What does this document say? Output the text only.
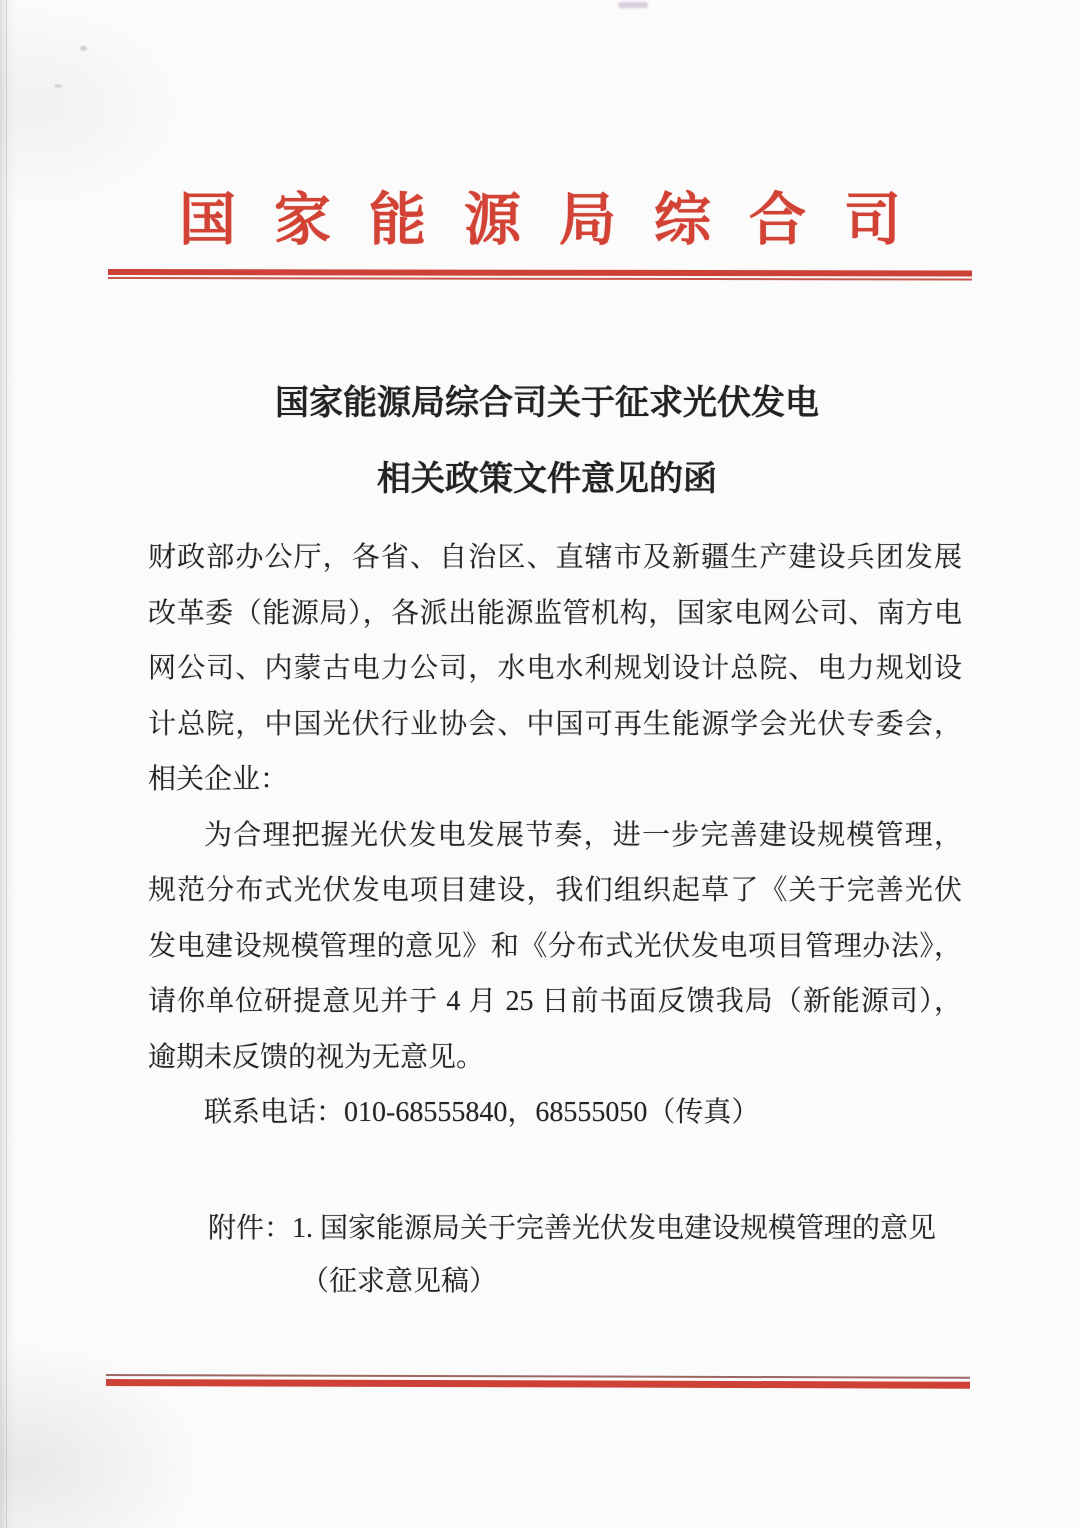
国家能源局综合司
国家能源局综合司关于征求光伏发电
相关政策文件意见的函
财政部办公厅，各省、自治区、直辖市及新疆生产建设兵团发展
改革委（能源局），各派出能源监管机构，国家电网公司、南方电
网公司、内蒙古电力公司，水电水利规划设计总院、电力规划设
计总院，中国光伏行业协会、中国可再生能源学会光伏专委会，
相关企业：
为合理把握光伏发电发展节奏，进一步完善建设规模管理，
规范分布式光伏发电项目建设，我们组织起草了《关于完善光伏
发电建设规模管理的意见》和《分布式光伏发电项目管理办法》，
请你单位研提意见并于 4 月 25 日前书面反馈我局（新能源司），
逾期未反馈的视为无意见。
联系电话：010-68555840，68555050（传真）
附件：1. 国家能源局关于完善光伏发电建设规模管理的意见
（征求意见稿）
